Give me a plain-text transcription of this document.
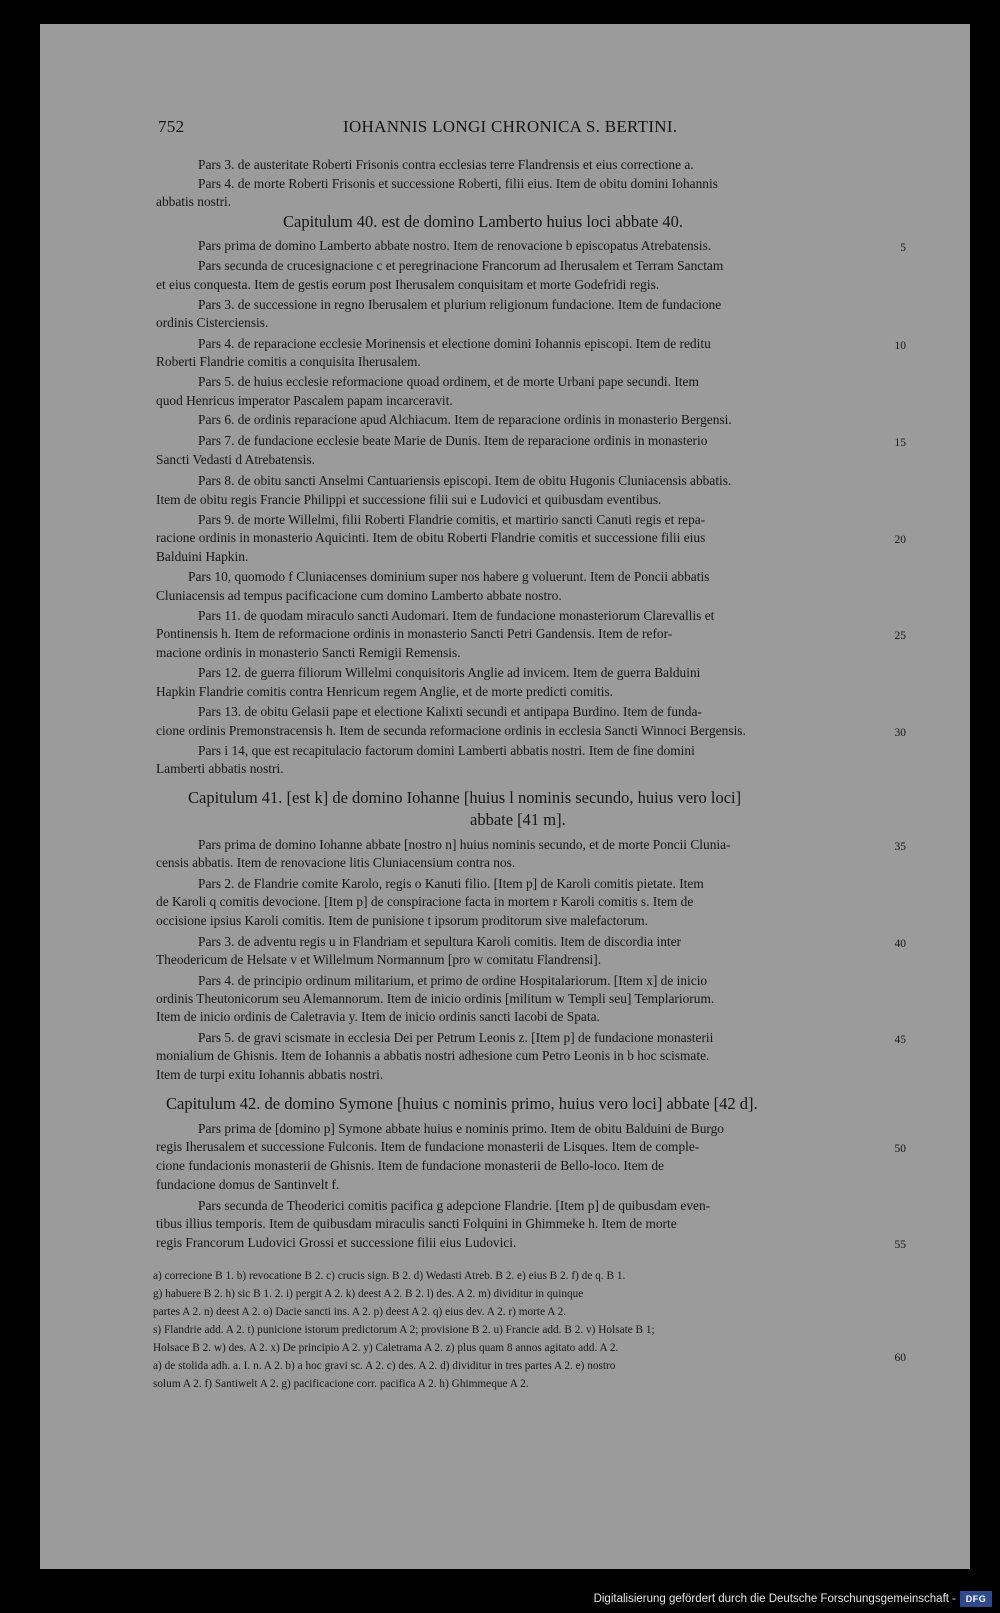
752	IOHANNIS LONGI CHRONICA S. BERTINI.
Pars 3. de austeritate Roberti Frisonis contra ecclesias terre Flandrensis et eius correctione a.
Pars 4. de morte Roberti Frisonis et successione Roberti, filii eius. Item de obitu domini Iohannis
abbatis nostri.
Capitulum 40. est de domino Lamberto huius loci abbate 40.
Pars prima de domino Lamberto abbate nostro. Item de renovacione b episcopatus Atrebatensis.
Pars secunda de crucesignacione c et peregrinacione Francorum ad Iherusalem et Terram Sanctam
et eius conquesta. Item de gestis eorum post Iherusalem conquisitam et morte Godefridi regis.
Pars 3. de successione in regno Iberusalem et plurium religionum fundacione. Item de fundacione
ordinis Cisterciensis.
Pars 4. de reparacione ecclesie Morinensis et electione domini Iohannis episcopi. Item de reditu
Roberti Flandrie comitis a conquisita Iherusalem.
Pars 5. de huius ecclesie reformacione quoad ordinem, et de morte Urbani pape secundi. Item
quod Henricus imperator Pascalem papam incarceravit.
Pars 6. de ordinis reparacione apud Alchiacum. Item de reparacione ordinis in monasterio Bergensi.
Pars 7. de fundacione ecclesie beate Marie de Dunis. Item de reparacione ordinis in monasterio
Sancti Vedasti d Atrebatensis.
Pars 8. de obitu sancti Anselmi Cantuariensis episcopi. Item de obitu Hugonis Cluniacensis abbatis.
Item de obitu regis Francie Philippi et successione filii sui e Ludovici et quibusdam eventibus.
Pars 9. de morte Willelmi, filii Roberti Flandrie comitis, et martirio sancti Canuti regis et repa-
racione ordinis in monasterio Aquicinti. Item de obitu Roberti Flandrie comitis et successione filii eius
Balduini Hapkin.
Pars 10, quomodo f Cluniacenses dominium super nos habere g voluerunt. Item de Poncii abbatis
Cluniacensis ad tempus pacificacione cum domino Lamberto abbate nostro.
Pars 11. de quodam miraculo sancti Audomari. Item de fundacione monasteriorum Clarevallis et
Pontinensis h. Item de reformacione ordinis in monasterio Sancti Petri Gandensis. Item de refor-
macione ordinis in monasterio Sancti Remigii Remensis.
Pars 12. de guerra filiorum Willelmi conquisitoris Anglie ad invicem. Item de guerra Balduini
Hapkin Flandrie comitis contra Henricum regem Anglie, et de morte predicti comitis.
Pars 13. de obitu Gelasii pape et electione Kalixti secundi et antipapa Burdino. Item de funda-
cione ordinis Premonstracensis h. Item de secunda reformacione ordinis in ecclesia Sancti Winnoci Bergensis.
Pars i 14, que est recapitulacio factorum domini Lamberti abbatis nostri. Item de fine domini
Lamberti abbatis nostri.
Capitulum 41. [est k] de domino Iohanne [huius l nominis secundo, huius vero loci]
abbate [41 m].
Pars prima de domino Iohanne abbate [nostro n] huius nominis secundo, et de morte Poncii Clunia-
censis abbatis. Item de renovacione litis Cluniacensium contra nos.
Pars 2. de Flandrie comite Karolo, regis o Kanuti filio. [Item p] de Karoli comitis pietate. Item
de Karoli q comitis devocione. [Item p] de conspiracione facta in mortem r Karoli comitis s. Item de
occisione ipsius Karoli comitis. Item de punisione t ipsorum proditorum sive malefactorum.
Pars 3. de adventu regis u in Flandriam et sepultura Karoli comitis. Item de discordia inter
Theodericum de Helsate v et Willelmum Normannum [pro w comitatu Flandrensi].
Pars 4. de principio ordinum militarium, et primo de ordine Hospitalariorum. [Item x] de inicio
ordinis Theutonicorum seu Alemannorum. Item de inicio ordinis [militum w Templi seu] Templariorum.
Item de inicio ordinis de Caletravia y. Item de inicio ordinis sancti Iacobi de Spata.
Pars 5. de gravi scismate in ecclesia Dei per Petrum Leonis z. [Item p] de fundacione monasterii
monialium de Ghisnis. Item de Iohannis a abbatis nostri adhesione cum Petro Leonis in b hoc scismate.
Item de turpi exitu Iohannis abbatis nostri.
Capitulum 42. de domino Symone [huius c nominis primo, huius vero loci] abbate [42 d].
Pars prima de [domino p] Symone abbate huius e nominis primo. Item de obitu Balduini de Burgo
regis Iherusalem et successione Fulconis. Item de fundacione monasterii de Lisques. Item de comple-
cione fundacionis monasterii de Ghisnis. Item de fundacione monasterii de Bello-loco. Item de
fundacione domus de Santinvelt f.
Pars secunda de Theoderici comitis pacifica g adepcione Flandrie. [Item p] de quibusdam even-
tibus illius temporis. Item de quibusdam miraculis sancti Folquini in Ghimmeke h. Item de morte
regis Francorum Ludovici Grossi et successione filii eius Ludovici.
5
10
15
20
25
30
35
40
45
50
55
60
a) correcione B 1. b) revocatione B 2. c) crucis sign. B 2. d) Wedasti Atreb. B 2. e) eius B 2. f) de q. B 1.
g) habuere B 2. h) sic B 1. 2. i) pergit A 2. k) deest A 2. B 2. l) des. A 2. m) dividitur in quinque
partes A 2. n) deest A 2. o) Dacie sancti ins. A 2. p) deest A 2. q) eius dev. A 2. r) morte A 2.
s) Flandrie add. A 2. t) punicione istorum predictorum A 2; provisione B 2. u) Francie add. B 2. v) Holsate B 1;
Holsace B 2. w) des. A 2. x) De principio A 2. y) Caletrama A 2. z) plus quam 8 annos agitato add. A 2.
a) de stolida adh. a. I. n. A 2. b) a hoc gravi sc. A 2. c) des. A 2. d) dividitur in tres partes A 2. e) nostro
solum A 2. f) Santiwelt A 2. g) pacificacione corr. pacifica A 2. h) Ghimmeque A 2.
Digitalisierung gefördert durch die Deutsche Forschungsgemeinschaft -	DFG
